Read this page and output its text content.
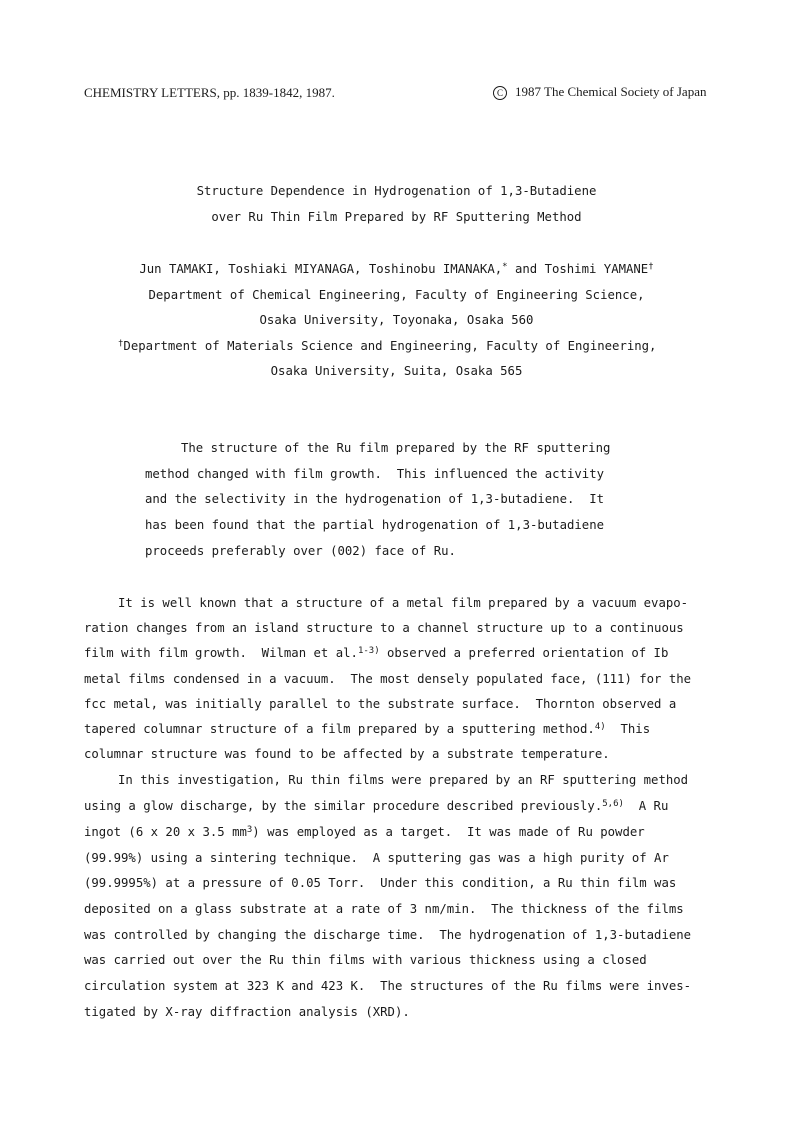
CHEMISTRY LETTERS, pp. 1839-1842, 1987.	C 1987 The Chemical Society of Japan
Structure Dependence in Hydrogenation of 1,3-Butadiene
over Ru Thin Film Prepared by RF Sputtering Method
Jun TAMAKI, Toshiaki MIYANAGA, Toshinobu IMANAKA,* and Toshimi YAMANE†
Department of Chemical Engineering, Faculty of Engineering Science,
Osaka University, Toyonaka, Osaka 560
†Department of Materials Science and Engineering, Faculty of Engineering,
Osaka University, Suita, Osaka 565
The structure of the Ru film prepared by the RF sputtering
method changed with film growth.  This influenced the activity
and the selectivity in the hydrogenation of 1,3-butadiene.  It
has been found that the partial hydrogenation of 1,3-butadiene
proceeds preferably over (002) face of Ru.
It is well known that a structure of a metal film prepared by a vacuum evapo-
ration changes from an island structure to a channel structure up to a continuous
film with film growth.  Wilman et al.$^{1-3)}$ observed a preferred orientation of Ib
metal films condensed in a vacuum.  The most densely populated face, (111) for the
fcc metal, was initially parallel to the substrate surface.  Thornton observed a
tapered columnar structure of a film prepared by a sputtering method.$^{4)}$  This
columnar structure was found to be affected by a substrate temperature.
In this investigation, Ru thin films were prepared by an RF sputtering method
using a glow discharge, by the similar procedure described previously.$^{5,6)}$  A Ru
ingot (6 x 20 x 3.5 $mm^3$) was employed as a target.  It was made of Ru powder
(99.99%) using a sintering technique.  A sputtering gas was a high purity of Ar
(99.9995%) at a pressure of 0.05 Torr.  Under this condition, a Ru thin film was
deposited on a glass substrate at a rate of 3 nm/min.  The thickness of the films
was controlled by changing the discharge time.  The hydrogenation of 1,3-butadiene
was carried out over the Ru thin films with various thickness using a closed
circulation system at 323 K and 423 K.  The structures of the Ru films were inves-
tigated by X-ray diffraction analysis (XRD).
